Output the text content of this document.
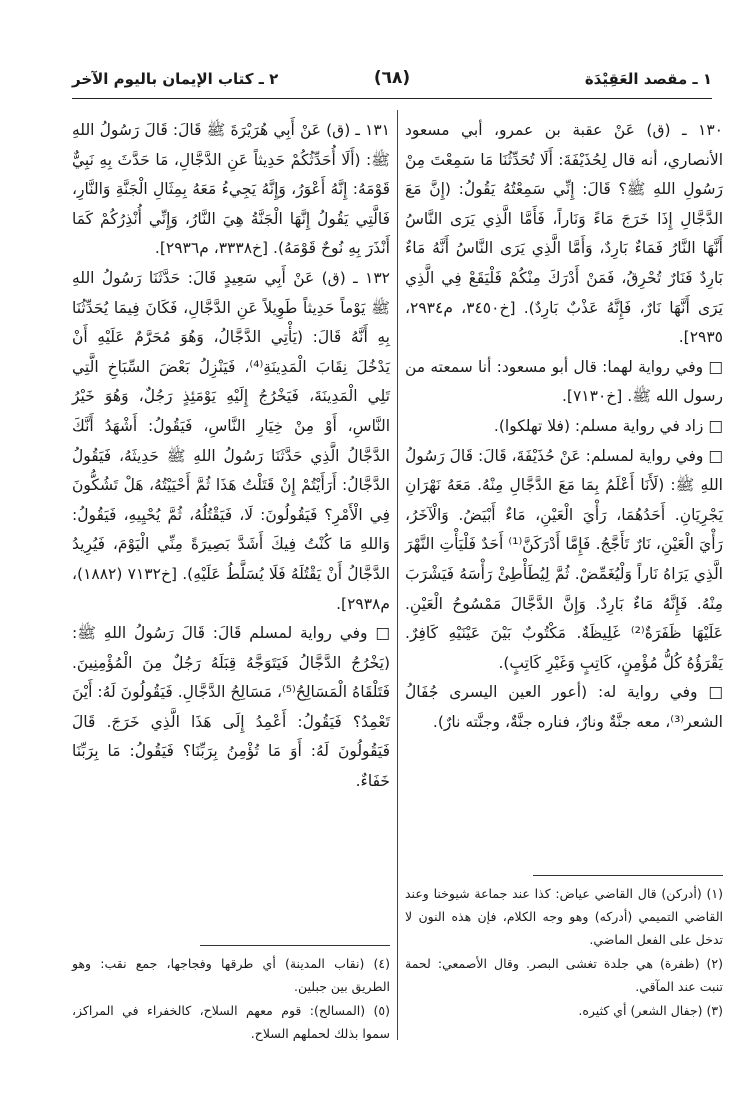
١ ـ مقصد العَقِيْدَة
(٦٨)
٢ ـ كتاب الإيمان باليوم الآخر

١٣٠ ـ (ق) عَنْ عقبة بن عمرو، أبي مسعود الأنصاري، أنه قال لِحُذَيْفَةَ: أَلَا تُحَدِّثُنَا مَا سَمِعْتَ مِنْ رَسُولِ اللهِ ﷺ؟ قَالَ: إِنِّي سَمِعْتُهُ يَقُولُ: (إِنَّ مَعَ الدَّجَّالِ إِذَا خَرَجَ مَاءً وَنَاراً، فَأَمَّا الَّذِي يَرَى النَّاسُ أَنَّهَا النَّارُ فَمَاءٌ بَارِدٌ، وَأَمَّا الَّذِي يَرَى النَّاسُ أَنَّهُ مَاءٌ بَارِدٌ فَنَارٌ تُحْرِقُ، فَمَنْ أَدْرَكَ مِنْكُمْ فَلْيَقَعْ فِي الَّذِي يَرَى أَنَّهَا نَارٌ، فَإِنَّهُ عَذْبٌ بَارِدٌ). [خ٣٤٥٠، م٢٩٣٤، ٢٩٣٥].

□ وفي رواية لهما: قال أبو مسعود: أنا سمعته من رسول الله ﷺ. [خ٧١٣٠].

□ زاد في رواية مسلم: (فلا تهلكوا).

□ وفي رواية لمسلم: عَنْ حُذَيْفَةَ، قَالَ: قَالَ رَسُولُ اللهِ ﷺ: (لَأَنَا أَعْلَمُ بِمَا مَعَ الدَّجَّالِ مِنْهُ. مَعَهُ نَهْرَانِ يَجْرِيَانِ. أَحَدُهُمَا، رَأْيَ الْعَيْنِ، مَاءٌ أَبْيَضُ. وَالْآخَرُ، رَأْيَ الْعَيْنِ، نَارٌ تَأَجَّجُ. فَإِمَّا أَدْرَكَنَّ⁽¹⁾ أَحَدٌ فَلْيَأْتِ النَّهْرَ الَّذِي يَرَاهُ نَاراً وَلْيُغَمِّضْ. ثُمَّ لِيُطَأْطِئْ رَأْسَهُ فَيَشْرَبَ مِنْهُ. فَإِنَّهُ مَاءٌ بَارِدٌ. وَإِنَّ الدَّجَّالَ مَمْسُوحُ الْعَيْنِ. عَلَيْهَا ظَفَرَةٌ⁽²⁾ غَلِيظَةٌ. مَكْتُوبٌ بَيْنَ عَيْنَيْهِ كَافِرٌ. يَقْرَؤُهُ كُلُّ مُؤْمِنٍ، كَاتِبٍ وَغَيْرِ كَاتِبٍ).

□ وفي رواية له: (أعور العين اليسرى جُفَالُ الشعر⁽³⁾، معه جنَّةٌ ونارٌ، فناره جنَّةٌ، وجنَّته نارٌ).

(١) (أدركن) قال القاضي عياض: كذا عند جماعة شيوخنا وعند القاضي التميمي (أدركه) وهو وجه الكلام، فإن هذه النون لا تدخل على الفعل الماضي.

(٢) (ظفرة) هي جلدة تغشى البصر. وقال الأصمعي: لحمة تنبت عند المآقي.

(٣) (جفال الشعر) أي كثيره.

١٣١ ـ (ق) عَنْ أَبِي هُرَيْرَةَ ﷺ قَالَ: قَالَ رَسُولُ اللهِ ﷺ: (أَلَا أُحَدِّثُكُمْ حَدِيثاً عَنِ الدَّجَّالِ، مَا حَدَّثَ بِهِ نَبِيٌّ قَوْمَهُ: إِنَّهُ أَعْوَرُ، وَإِنَّهُ يَجِيءُ مَعَهُ بِمِثَالِ الْجَنَّةِ وَالنَّارِ، فَالَّتِي يَقُولُ إِنَّهَا الْجَنَّةُ هِيَ النَّارُ، وَإِنِّي أُنْذِرُكُمْ كَمَا أَنْذَرَ بِهِ نُوحٌ قَوْمَهُ). [خ٣٣٣٨، م٢٩٣٦].

١٣٢ ـ (ق) عَنْ أَبِي سَعِيدٍ قَالَ: حَدَّثَنَا رَسُولُ اللهِ ﷺ يَوْماً حَدِيثاً طَوِيلاً عَنِ الدَّجَّالِ، فَكَانَ فِيمَا يُحَدِّثُنَا بِهِ أَنَّهُ قَالَ: (يَأْتِي الدَّجَّالُ، وَهُوَ مُحَرَّمٌ عَلَيْهِ أَنْ يَدْخُلَ نِقَابَ الْمَدِينَةِ⁽⁴⁾، فَيَنْزِلُ بَعْضَ السِّبَاخِ الَّتِي تَلِي الْمَدِينَةَ، فَيَخْرُجُ إِلَيْهِ يَوْمَئِذٍ رَجُلٌ، وَهُوَ خَيْرُ النَّاسِ، أَوْ مِنْ خِيَارِ النَّاسِ، فَيَقُولُ: أَشْهَدُ أَنَّكَ الدَّجَّالُ الَّذِي حَدَّثَنَا رَسُولُ اللهِ ﷺ حَدِيثَهُ، فَيَقُولُ الدَّجَّالُ: أَرَأَيْتُمْ إِنْ قَتَلْتُ هَذَا ثُمَّ أَحْيَيْتُهُ، هَلْ تَشُكُّونَ فِي الْأَمْرِ؟ فَيَقُولُونَ: لَا، فَيَقْتُلُهُ، ثُمَّ يُحْيِيهِ، فَيَقُولُ: وَاللهِ مَا كُنْتُ فِيكَ أَشَدَّ بَصِيرَةً مِنِّي الْيَوْمَ، فَيُرِيدُ الدَّجَّالُ أَنْ يَقْتُلَهُ فَلَا يُسَلَّطُ عَلَيْهِ). [خ٧١٣٢ (١٨٨٢)، م٢٩٣٨].

□ وفي رواية لمسلم قَالَ: قَالَ رَسُولُ اللهِ ﷺ: (يَخْرُجُ الدَّجَّالُ فَيَتَوَجَّهُ قِبَلَهُ رَجُلٌ مِنَ الْمُؤْمِنِينَ. فَتَلْقَاهُ الْمَسَالِحُ⁽⁵⁾، مَسَالِحُ الدَّجَّالِ. فَيَقُولُونَ لَهُ: أَيْنَ تَعْمِدُ؟ فَيَقُولُ: أَعْمِدُ إِلَى هَذَا الَّذِي خَرَجَ. قَالَ فَيَقُولُونَ لَهُ: أَوَ مَا تُؤْمِنُ بِرَبِّنَا؟ فَيَقُولُ: مَا بِرَبِّنَا خَفَاءٌ.

(٤) (نقاب المدينة) أي طرقها وفجاجها، جمع نقب: وهو الطريق بين جبلين.

(٥) (المسالح): قوم معهم السلاح، كالخفراء في المراكز، سموا بذلك لحملهم السلاح.
